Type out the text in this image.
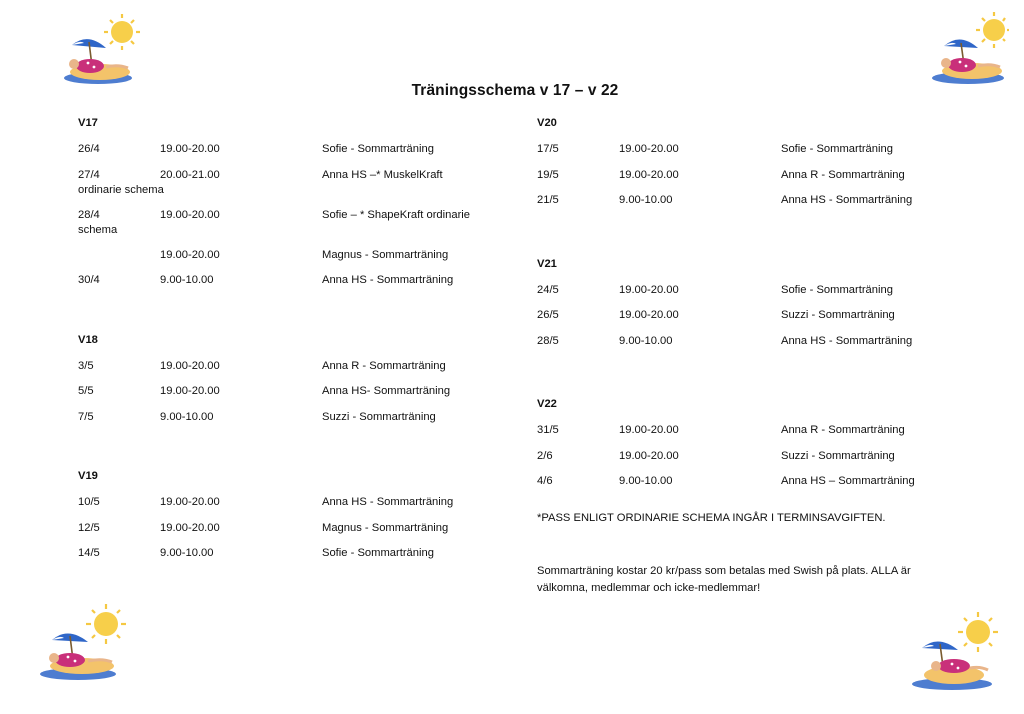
Träningsschema v 17 – v 22
V17
26/4	19.00-20.00	Sofie - Sommarträning
27/4	20.00-21.00	Anna HS –* MuskelKraft
ordinarie schema
28/4	19.00-20.00	Sofie – * ShapeKraft ordinarie
schema
19.00-20.00	Magnus - Sommarträning
30/4	9.00-10.00	Anna HS - Sommarträning
V18
3/5	19.00-20.00	Anna R - Sommarträning
5/5	19.00-20.00	Anna HS- Sommarträning
7/5	9.00-10.00	Suzzi - Sommarträning
V19
10/5	19.00-20.00	Anna HS - Sommarträning
12/5	19.00-20.00	Magnus - Sommarträning
14/5	9.00-10.00	Sofie - Sommarträning
V20
17/5	19.00-20.00	Sofie - Sommarträning
19/5	19.00-20.00	Anna R - Sommarträning
21/5	9.00-10.00	Anna HS - Sommarträning
V21
24/5	19.00-20.00	Sofie - Sommarträning
26/5	19.00-20.00	Suzzi - Sommarträning
28/5	9.00-10.00	Anna HS - Sommarträning
V22
31/5	19.00-20.00	Anna R - Sommarträning
2/6	19.00-20.00	Suzzi - Sommarträning
4/6	9.00-10.00	Anna HS – Sommarträning
*PASS ENLIGT ORDINARIE SCHEMA INGÅR I TERMINSAVGIFTEN.
Sommarträning kostar 20 kr/pass som betalas med Swish på plats. ALLA är välkomna, medlemmar och icke-medlemmar!
